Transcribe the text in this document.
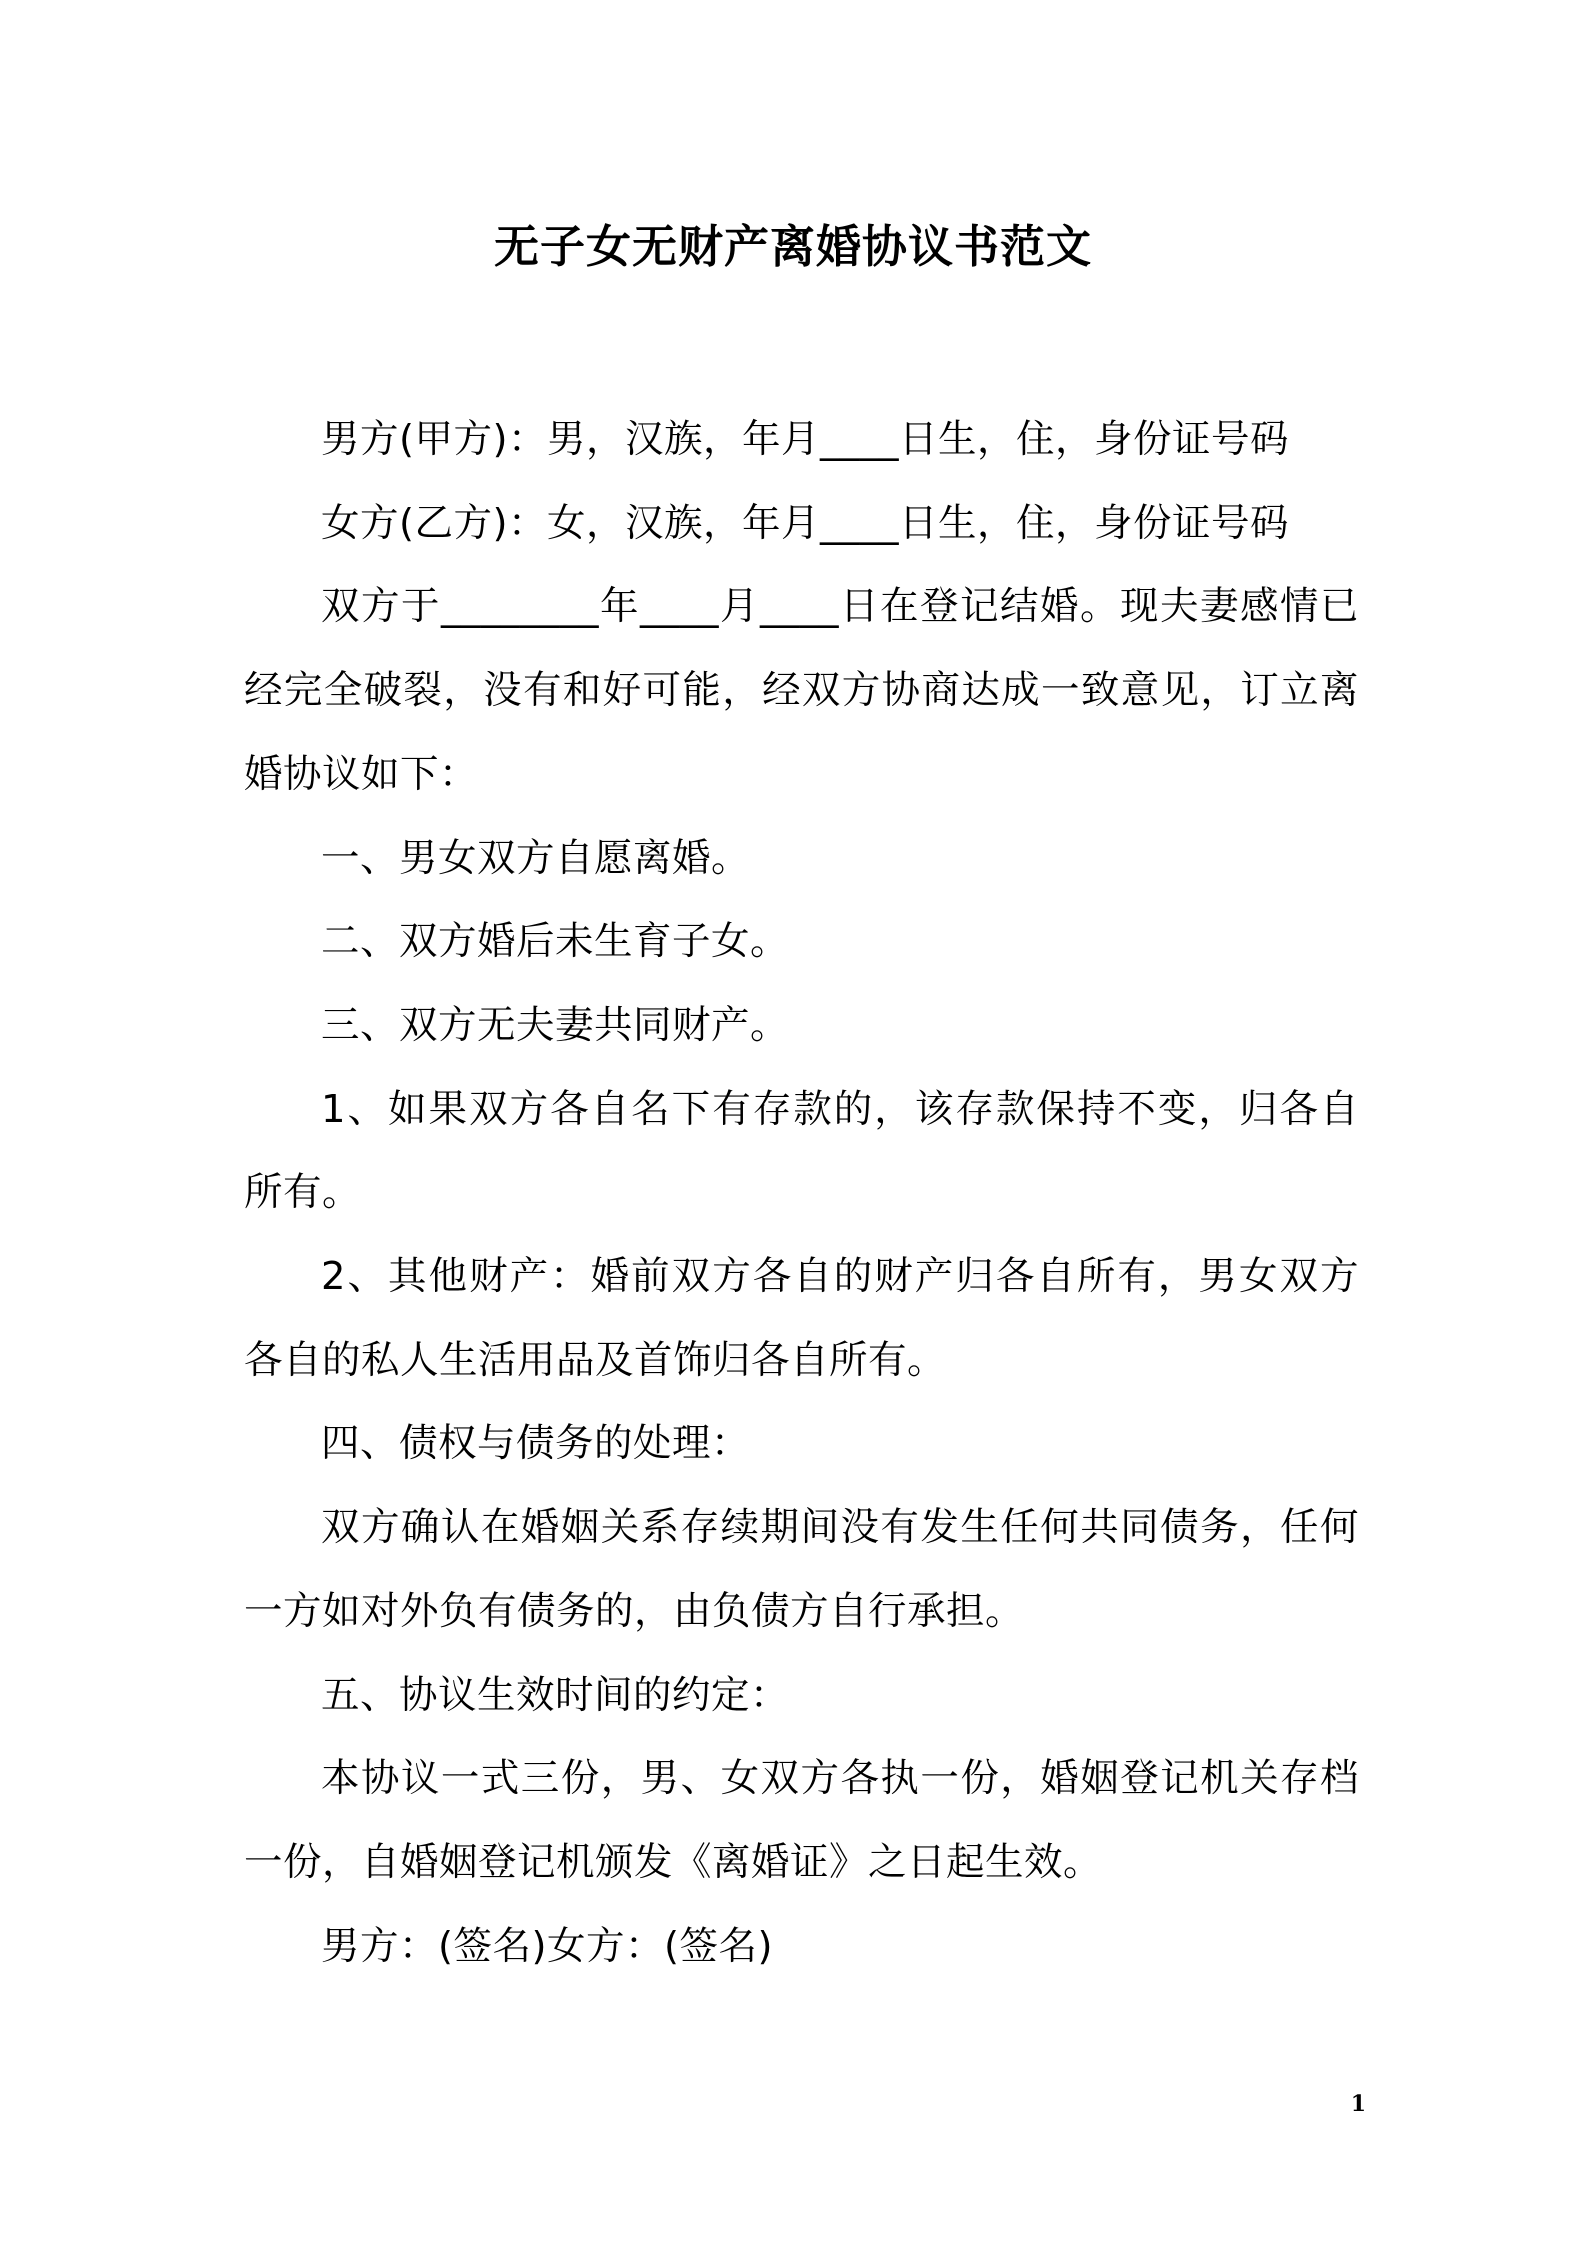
无子女无财产离婚协议书范文

男方(甲方)：男，汉族，年月____日生，住，身份证号码

女方(乙方)：女，汉族，年月____日生，住，身份证号码

双方于________年____月____日在登记结婚。现夫妻感情已经完全破裂，没有和好可能，经双方协商达成一致意见，订立离婚协议如下：

一、男女双方自愿离婚。

二、双方婚后未生育子女。

三、双方无夫妻共同财产。

1、如果双方各自名下有存款的，该存款保持不变，归各自所有。

2、其他财产：婚前双方各自的财产归各自所有，男女双方各自的私人生活用品及首饰归各自所有。

四、债权与债务的处理：

双方确认在婚姻关系存续期间没有发生任何共同债务，任何一方如对外负有债务的，由负债方自行承担。

五、协议生效时间的约定：

本协议一式三份，男、女双方各执一份，婚姻登记机关存档一份，自婚姻登记机颁发《离婚证》之日起生效。

男方：(签名)女方：(签名)

1
